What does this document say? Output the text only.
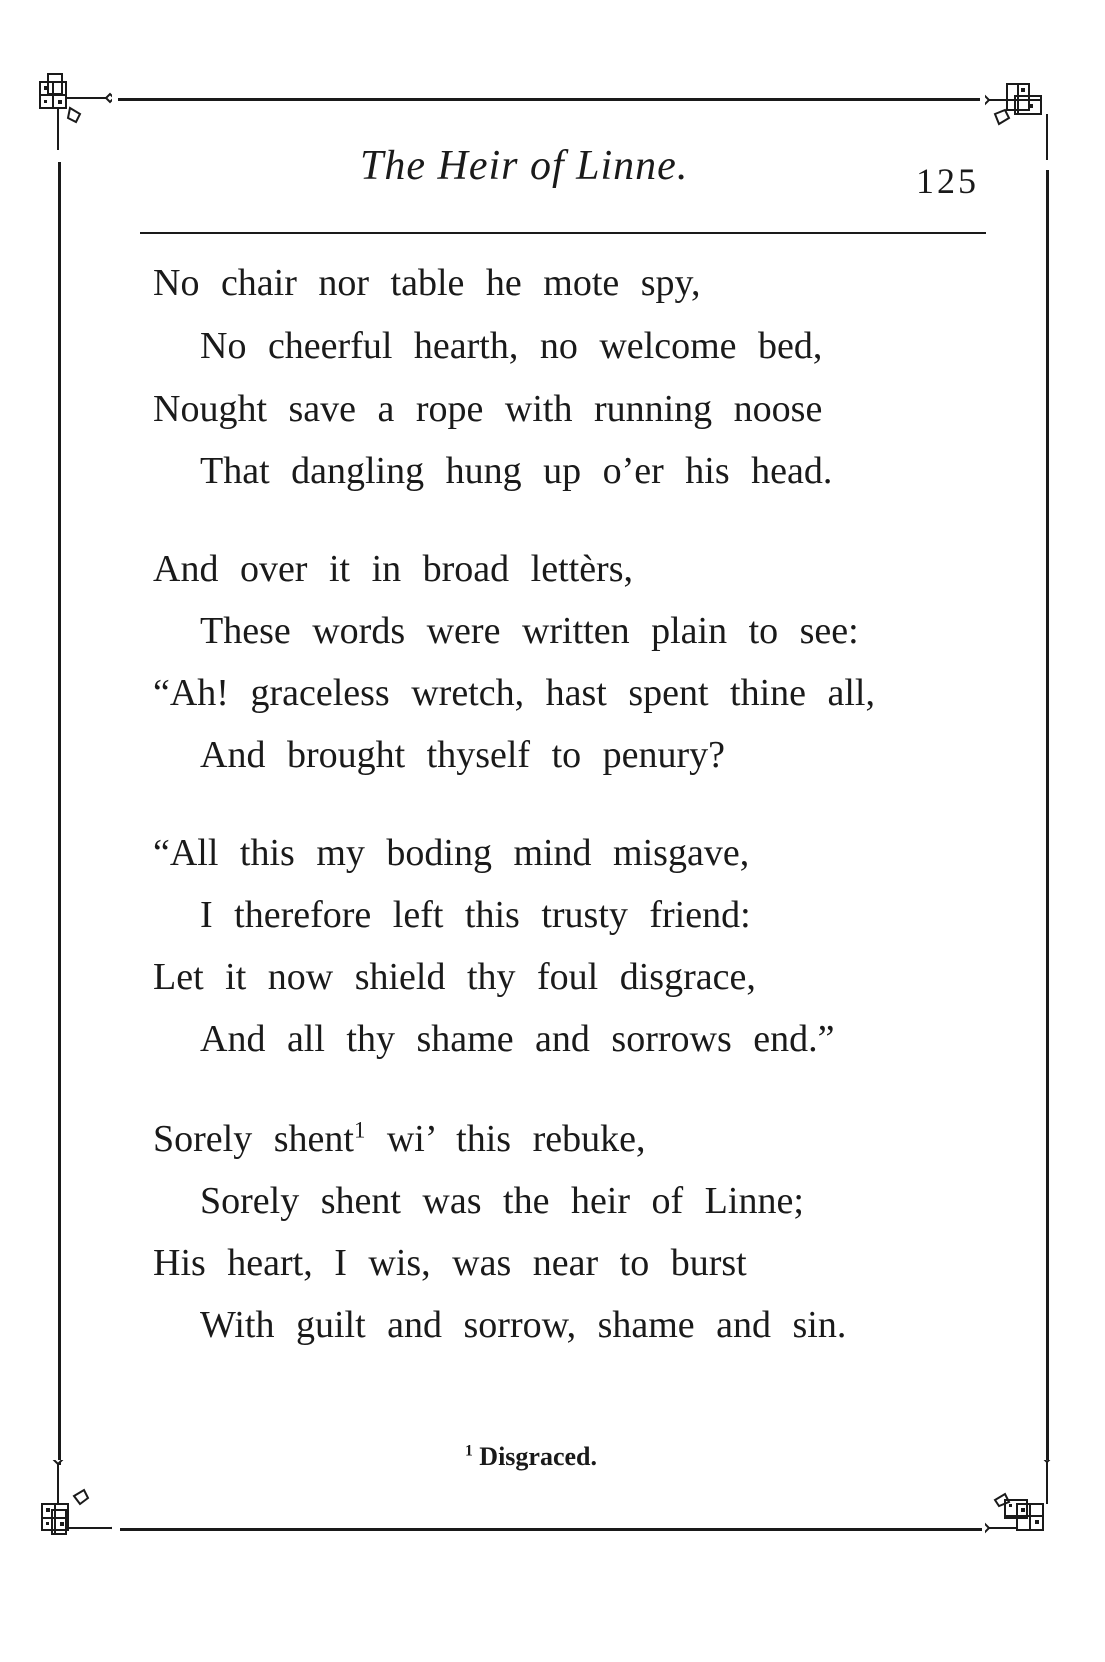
The Heir of Linne.	125
No chair nor table he mote spy,
No cheerful hearth, no welcome bed,
Nought save a rope with running noose
That dangling hung up o’er his head.
And over it in broad lettèrs,
These words were written plain to see:
“Ah! graceless wretch, hast spent thine all,
And brought thyself to penury?
“All this my boding mind misgave,
I therefore left this trusty friend:
Let it now shield thy foul disgrace,
And all thy shame and sorrows end.”
Sorely shent$^1$ wi’ this rebuke,
Sorely shent was the heir of Linne;
His heart, I wis, was near to burst
With guilt and sorrow, shame and sin.
$^1$ Disgraced.
